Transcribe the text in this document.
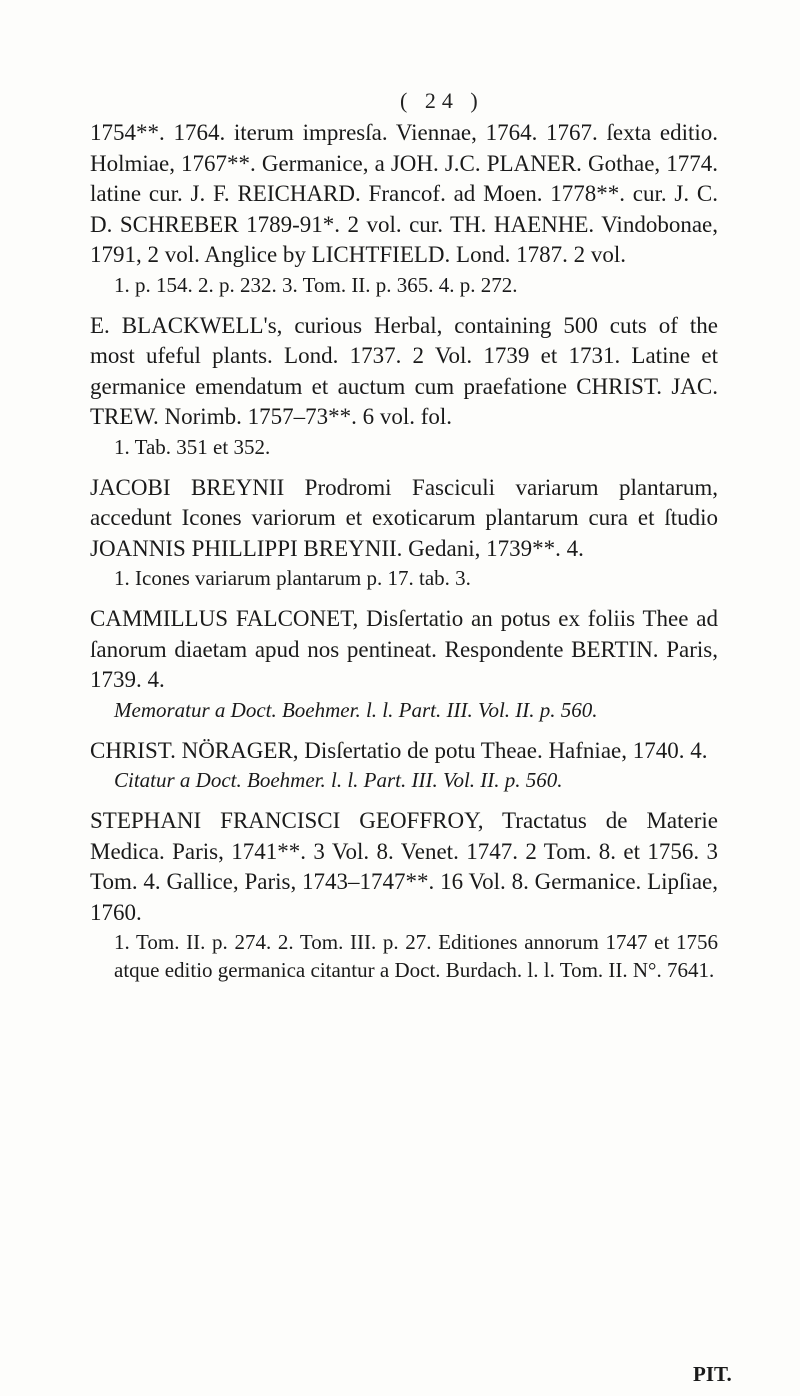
( 24 )

1754**. 1764. iterum impresſa. Viennae, 1764. 1767. ſexta editio. Holmiae, 1767**. Germanice, a JOH. J.C. PLANER. Gothae, 1774. latine cur. J. F. REICHARD. Francof. ad Moen. 1778**. cur. J. C. D. SCHREBER 1789-91*. 2 vol. cur. TH. HAENHE. Vindobonae, 1791, 2 vol. Anglice by LICHTFIELD. Lond. 1787. 2 vol.

1. p. 154. 2. p. 232. 3. Tom. II. p. 365. 4. p. 272.

E. BLACKWELL's, curious Herbal, containing 500 cuts of the most ufeful plants. Lond. 1737. 2 Vol. 1739 et 1731. Latine et germanice emendatum et auctum cum praefatione CHRIST. JAC. TREW. Norimb. 1757–73**. 6 vol. fol.

1. Tab. 351 et 352.

JACOBI BREYNII Prodromi Fasciculi variarum plantarum, accedunt Icones variorum et exoticarum plantarum cura et ſtudio JOANNIS PHILLIPPI BREYNII. Gedani, 1739**. 4.

1. Icones variarum plantarum p. 17. tab. 3.

CAMMILLUS FALCONET, Disſertatio an potus ex foliis Thee ad ſanorum diaetam apud nos pentineat. Respondente BERTIN. Paris, 1739. 4.

Memoratur a Doct. Boehmer. l. l. Part. III. Vol. II. p. 560.

CHRIST. NÖRAGER, Disſertatio de potu Theae. Hafniae, 1740. 4.

Citatur a Doct. Boehmer. l. l. Part. III. Vol. II. p. 560.

STEPHANI FRANCISCI GEOFFROY, Tractatus de Materie Medica. Paris, 1741**. 3 Vol. 8. Venet. 1747. 2 Tom. 8. et 1756. 3 Tom. 4. Gallice, Paris, 1743–1747**. 16 Vol. 8. Germanice. Lipſiae, 1760.

1. Tom. II. p. 274. 2. Tom. III. p. 27. Editiones annorum 1747 et 1756 atque editio germanica citantur a Doct. Burdach. l. l. Tom. II. N°. 7641.

PIT.
